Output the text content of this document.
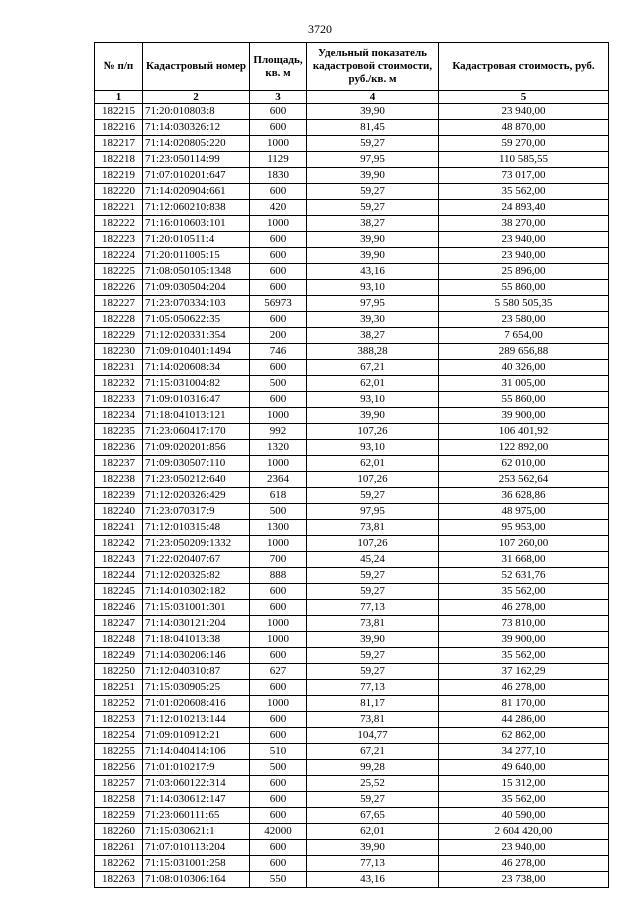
3720
№ п/п	Кадастровый номер	Площадь, кв. м	Удельный показатель кадастровой стоимости, руб./кв. м	Кадастровая стоимость, руб.
1	2	3	4	5
182215	71:20:010803:8	600	39,90	23 940,00
182216	71:14:030326:12	600	81,45	48 870,00
182217	71:14:020805:220	1000	59,27	59 270,00
182218	71:23:050114:99	1129	97,95	110 585,55
182219	71:07:010201:647	1830	39,90	73 017,00
182220	71:14:020904:661	600	59,27	35 562,00
182221	71:12:060210:838	420	59,27	24 893,40
182222	71:16:010603:101	1000	38,27	38 270,00
182223	71:20:010511:4	600	39,90	23 940,00
182224	71:20:011005:15	600	39,90	23 940,00
182225	71:08:050105:1348	600	43,16	25 896,00
182226	71:09:030504:204	600	93,10	55 860,00
182227	71:23:070334:103	56973	97,95	5 580 505,35
182228	71:05:050622:35	600	39,30	23 580,00
182229	71:12:020331:354	200	38,27	7 654,00
182230	71:09:010401:1494	746	388,28	289 656,88
182231	71:14:020608:34	600	67,21	40 326,00
182232	71:15:031004:82	500	62,01	31 005,00
182233	71:09:010316:47	600	93,10	55 860,00
182234	71:18:041013:121	1000	39,90	39 900,00
182235	71:23:060417:170	992	107,26	106 401,92
182236	71:09:020201:856	1320	93,10	122 892,00
182237	71:09:030507:110	1000	62,01	62 010,00
182238	71:23:050212:640	2364	107,26	253 562,64
182239	71:12:020326:429	618	59,27	36 628,86
182240	71:23:070317:9	500	97,95	48 975,00
182241	71:12:010315:48	1300	73,81	95 953,00
182242	71:23:050209:1332	1000	107,26	107 260,00
182243	71:22:020407:67	700	45,24	31 668,00
182244	71:12:020325:82	888	59,27	52 631,76
182245	71:14:010302:182	600	59,27	35 562,00
182246	71:15:031001:301	600	77,13	46 278,00
182247	71:14:030121:204	1000	73,81	73 810,00
182248	71:18:041013:38	1000	39,90	39 900,00
182249	71:14:030206:146	600	59,27	35 562,00
182250	71:12:040310:87	627	59,27	37 162,29
182251	71:15:030905:25	600	77,13	46 278,00
182252	71:01:020608:416	1000	81,17	81 170,00
182253	71:12:010213:144	600	73,81	44 286,00
182254	71:09:010912:21	600	104,77	62 862,00
182255	71:14:040414:106	510	67,21	34 277,10
182256	71:01:010217:9	500	99,28	49 640,00
182257	71:03:060122:314	600	25,52	15 312,00
182258	71:14:030612:147	600	59,27	35 562,00
182259	71:23:060111:65	600	67,65	40 590,00
182260	71:15:030621:1	42000	62,01	2 604 420,00
182261	71:07:010113:204	600	39,90	23 940,00
182262	71:15:031001:258	600	77,13	46 278,00
182263	71:08:010306:164	550	43,16	23 738,00
